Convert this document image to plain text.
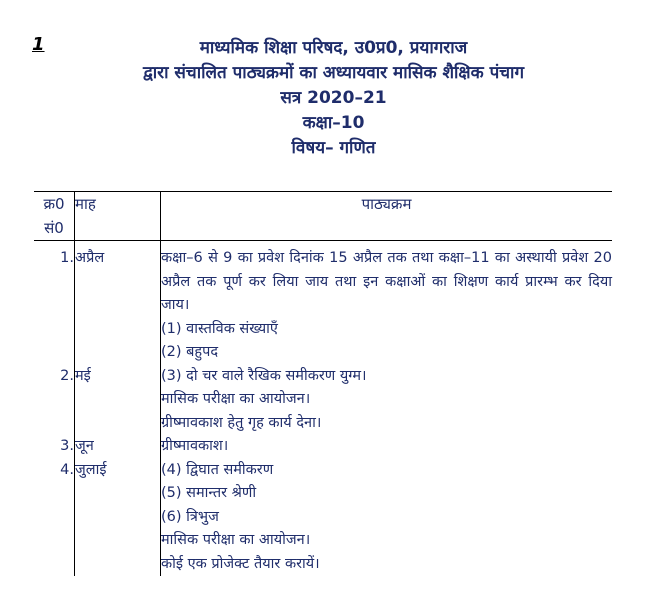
1	माध्यमिक शिक्षा परिषद, उ0प्र0, प्रयागराज
द्वारा संचालित पाठ्यक्रमों का अध्यायवार मासिक शैक्षिक पंचाग
सत्र 2020–21
कक्षा–10
विषय– गणित
क्र0
सं0	माह	पाठ्यक्रम
1.	अप्रैल	कक्षा–6 से 9 का प्रवेश दिनांक 15 अप्रैल तक तथा कक्षा–11 का अस्थायी प्रवेश 20 अप्रैल तक पूर्ण कर लिया जाय तथा इन कक्षाओं का शिक्षण कार्य प्रारम्भ कर दिया जाय।
(1) वास्तविक संख्याएँ
(2) बहुपद

2.	मई	(3) दो चर वाले रैखिक समीकरण युग्म।
मासिक परीक्षा का आयोजन।
ग्रीष्मावकाश हेतु गृह कार्य देना।

3.	जून	ग्रीष्मावकाश।

4.	जुलाई	(4) द्विघात समीकरण
(5) समान्तर श्रेणी
(6) त्रिभुज
मासिक परीक्षा का आयोजन।
कोई एक प्रोजेक्ट तैयार करायें।
